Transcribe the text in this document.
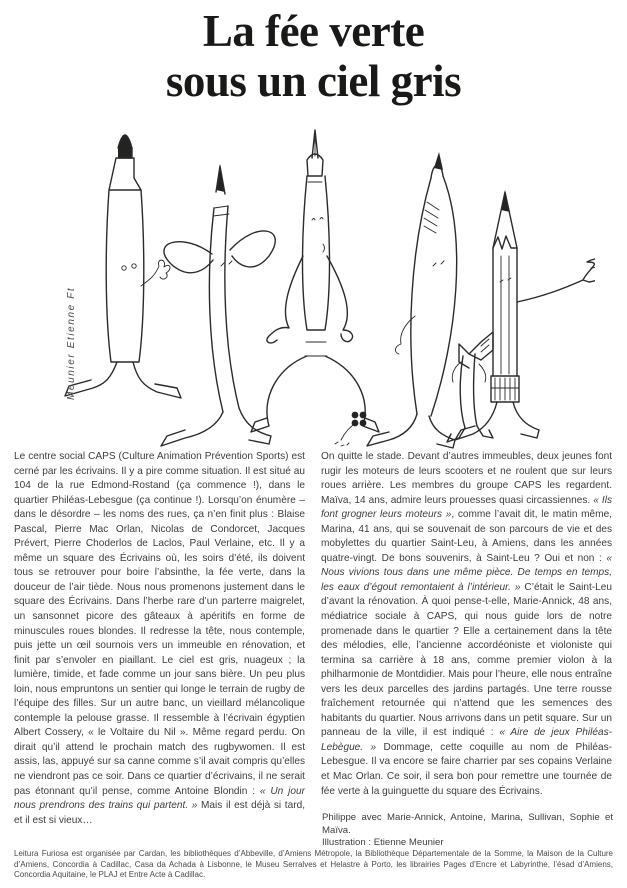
La fée verte
sous un ciel gris
Meunier Etienne Ft
Le centre social CAPS (Culture Animation Prévention Sports) est cerné par les écrivains. Il y a pire comme situation. Il est situé au 104 de la rue Edmond-Rostand (ça commence !), dans le quartier Philéas-Lebesgue (ça continue !). Lorsqu’on énumère – dans le désordre – les noms des rues, ça n’en finit plus : Blaise Pascal, Pierre Mac Orlan, Nicolas de Condorcet, Jacques Prévert, Pierre Choderlos de Laclos, Paul Verlaine, etc. Il y a même un square des Écrivains où, les soirs d’été, ils doivent tous se retrouver pour boire l’absinthe, la fée verte, dans la douceur de l’air tiède. Nous nous promenons justement dans le square des Écrivains. Dans l’herbe rare d’un parterre maigrelet, un sansonnet picore des gâteaux à apéritifs en forme de minuscules roues blondes. Il redresse la tête, nous contemple, puis jette un œil sournois vers un immeuble en rénovation, et finit par s’envoler en piaillant. Le ciel est gris, nuageux ; la lumière, timide, et fade comme un jour sans bière. Un peu plus loin, nous empruntons un sentier qui longe le terrain de rugby de l’équipe des filles. Sur un autre banc, un vieillard mélancolique contemple la pelouse grasse. Il ressemble à l’écrivain égyptien Albert Cossery, « le Voltaire du Nil ». Même regard perdu. On dirait qu’il attend le prochain match des rugbywomen. Il est assis, las, appuyé sur sa canne comme s’il avait compris qu’elles ne viendront pas ce soir. Dans ce quartier d’écrivains, il ne serait pas étonnant qu’il pense, comme Antoine Blondin : « Un jour nous prendrons des trains qui partent. » Mais il est déjà si tard, et il est si vieux…
On quitte le stade. Devant d’autres immeubles, deux jeunes font rugir les moteurs de leurs scooters et ne roulent que sur leurs roues arrière. Les membres du groupe CAPS les regardent. Maïva, 14 ans, admire leurs prouesses quasi circassiennes. « Ils font grogner leurs moteurs », comme l’avait dit, le matin même, Marina, 41 ans, qui se souvenait de son parcours de vie et des mobylettes du quartier Saint-Leu, à Amiens, dans les années quatre-vingt. De bons souvenirs, à Saint-Leu ? Oui et non : « Nous vivions tous dans une même pièce. De temps en temps, les eaux d’égout remontaient à l’intérieur. » C’était le Saint-Leu d’avant la rénovation. À quoi pense-t-elle, Marie-Annick, 48 ans, médiatrice sociale à CAPS, qui nous guide lors de notre promenade dans le quartier ? Elle a certainement dans la tête des mélodies, elle, l’ancienne accordéoniste et violoniste qui termina sa carrière à 18 ans, comme premier violon à la philharmonie de Montdidier. Mais pour l’heure, elle nous entraîne vers les deux parcelles des jardins partagés. Une terre rousse fraîchement retournée qui n’attend que les semences des habitants du quartier. Nous arrivons dans un petit square. Sur un panneau de la ville, il est indiqué : « Aire de jeux Philéas-Lebègue. » Dommage, cette coquille au nom de Philéas-Lebesgue. Il va encore se faire charrier par ses copains Verlaine et Mac Orlan. Ce soir, il sera bon pour remettre une tournée de fée verte à la guinguette du square des Écrivains.
Philippe avec Marie-Annick, Antoine, Marina, Sullivan, Sophie et Maïva.
Illustration : Etienne Meunier
Leitura Furiosa est organisée par Cardan, les bibliothèques d’Abbeville, d’Amiens Métropole, la Bibliothèque Départementale de la Somme, la Maison de la Culture d’Amiens, Concordia à Cadillac, Casa da Achada à Lisbonne, le Museu Serralves et Helastre à Porto, les librairies Pages d’Encre et Labyrinthe, l’ésad d’Amiens, Concordia Aquitaine, le PLAJ et Entre Acte à Cadillac.
